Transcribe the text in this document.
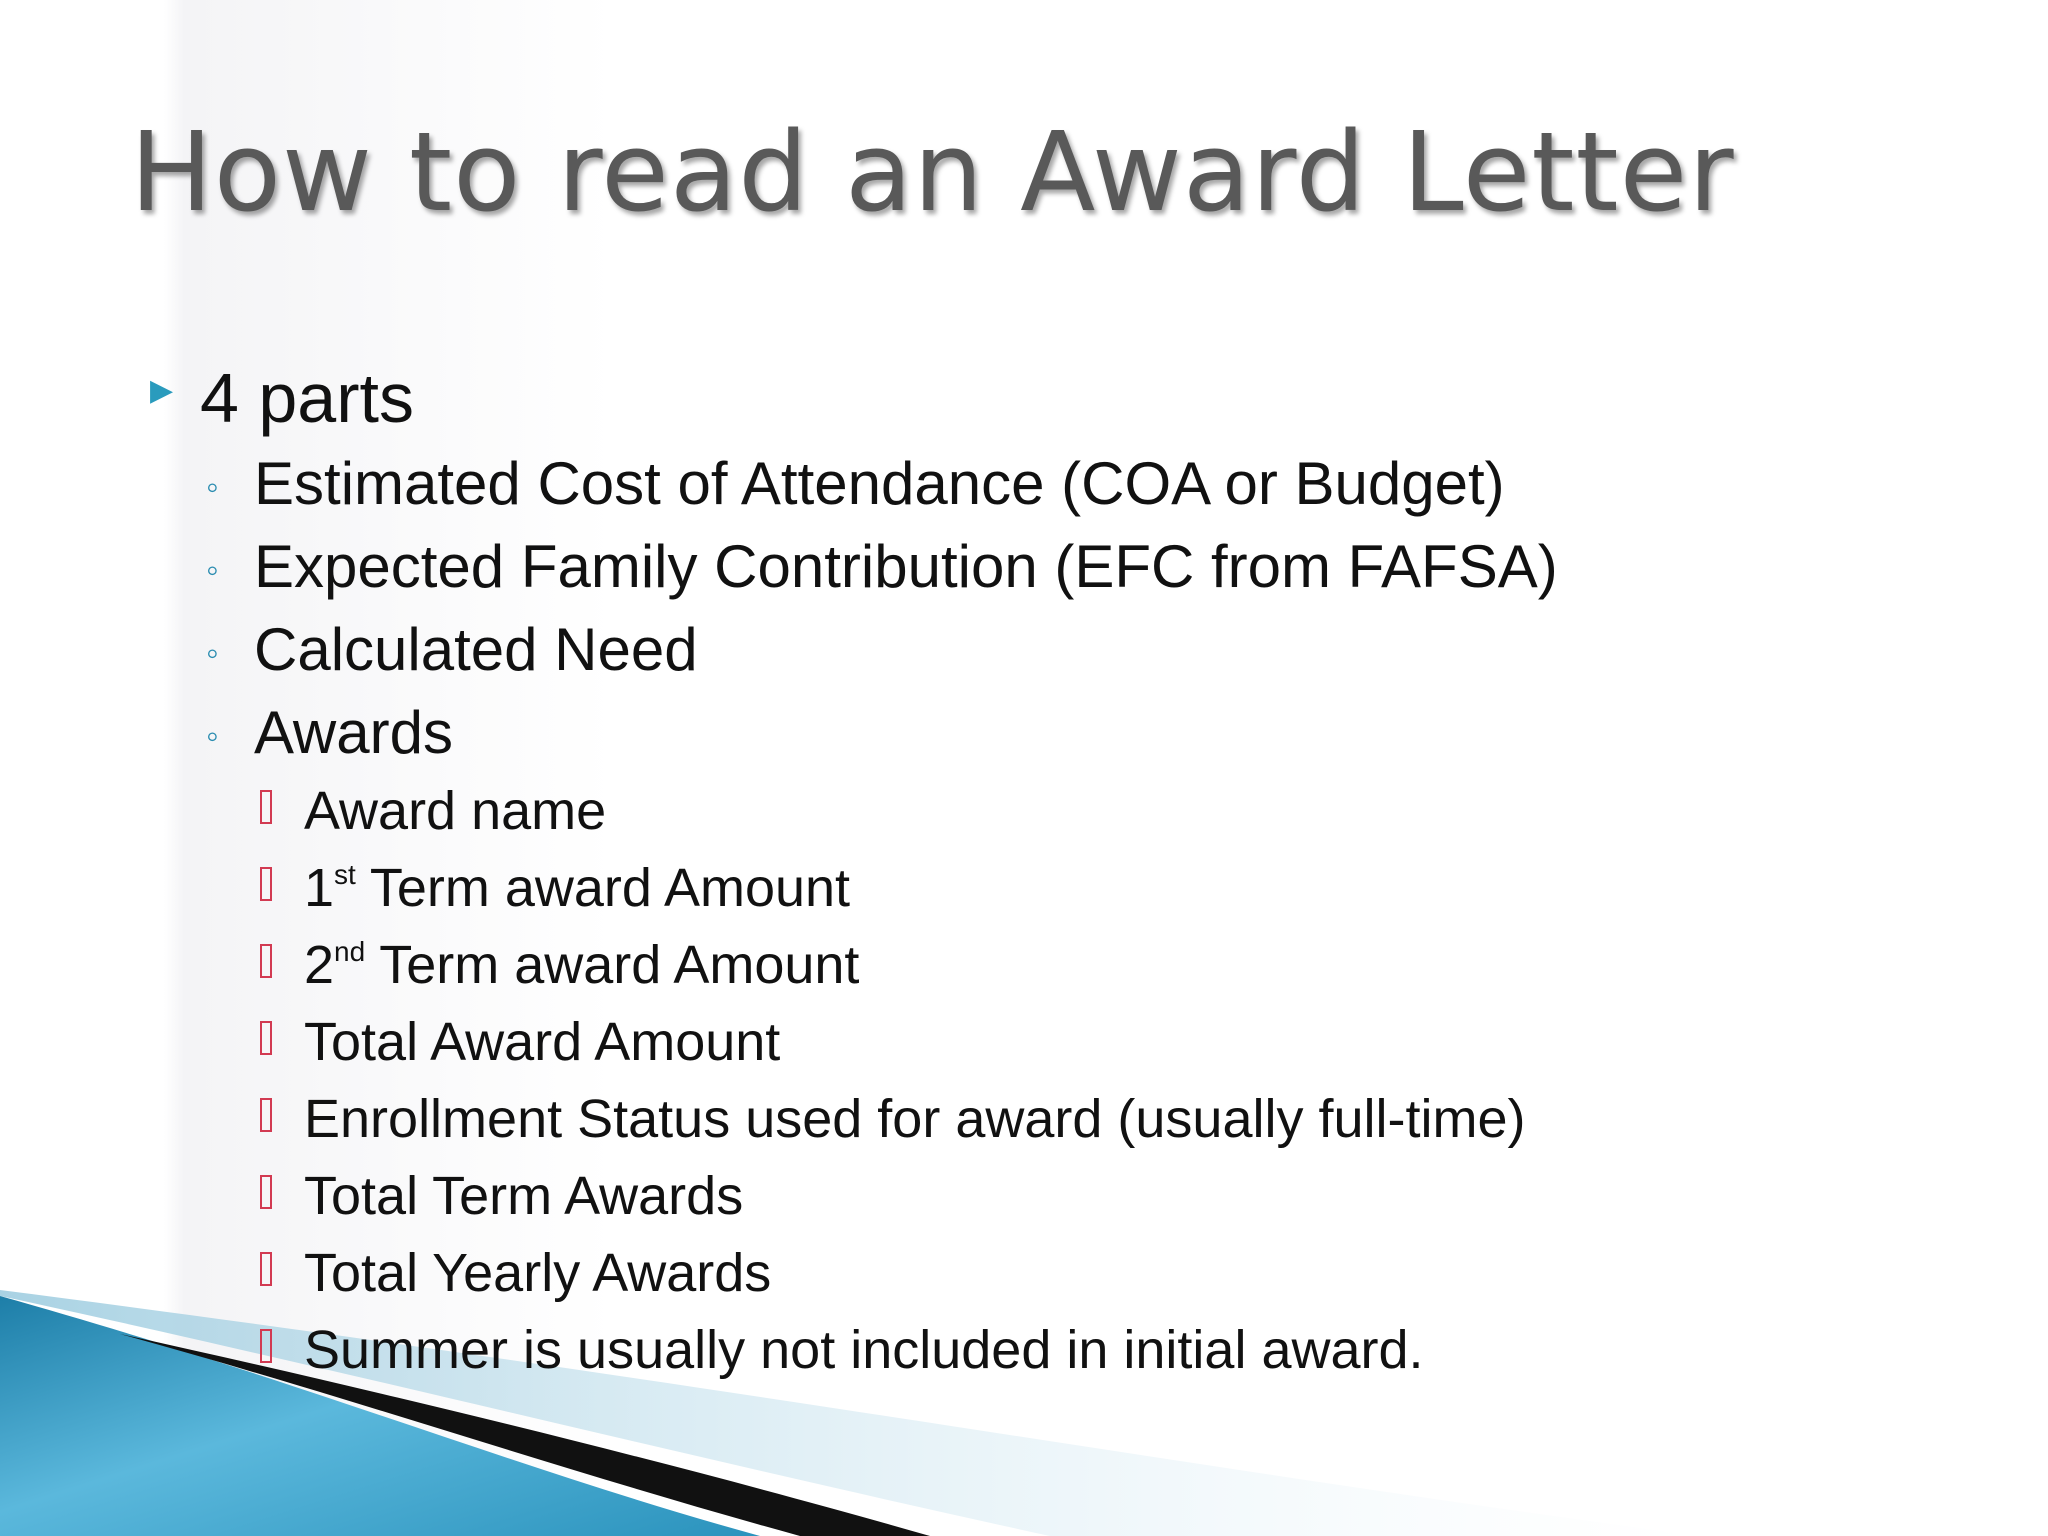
How to read an Award Letter
▶ 4 parts
◦ Estimated Cost of Attendance (COA or Budget)
◦ Expected Family Contribution (EFC from FAFSA)
◦ Calculated Need
◦ Awards
Award name
1st Term award Amount
2nd Term award Amount
Total Award Amount
Enrollment Status used for award (usually full-time)
Total Term Awards
Total Yearly Awards
Summer is usually not included in initial award.
